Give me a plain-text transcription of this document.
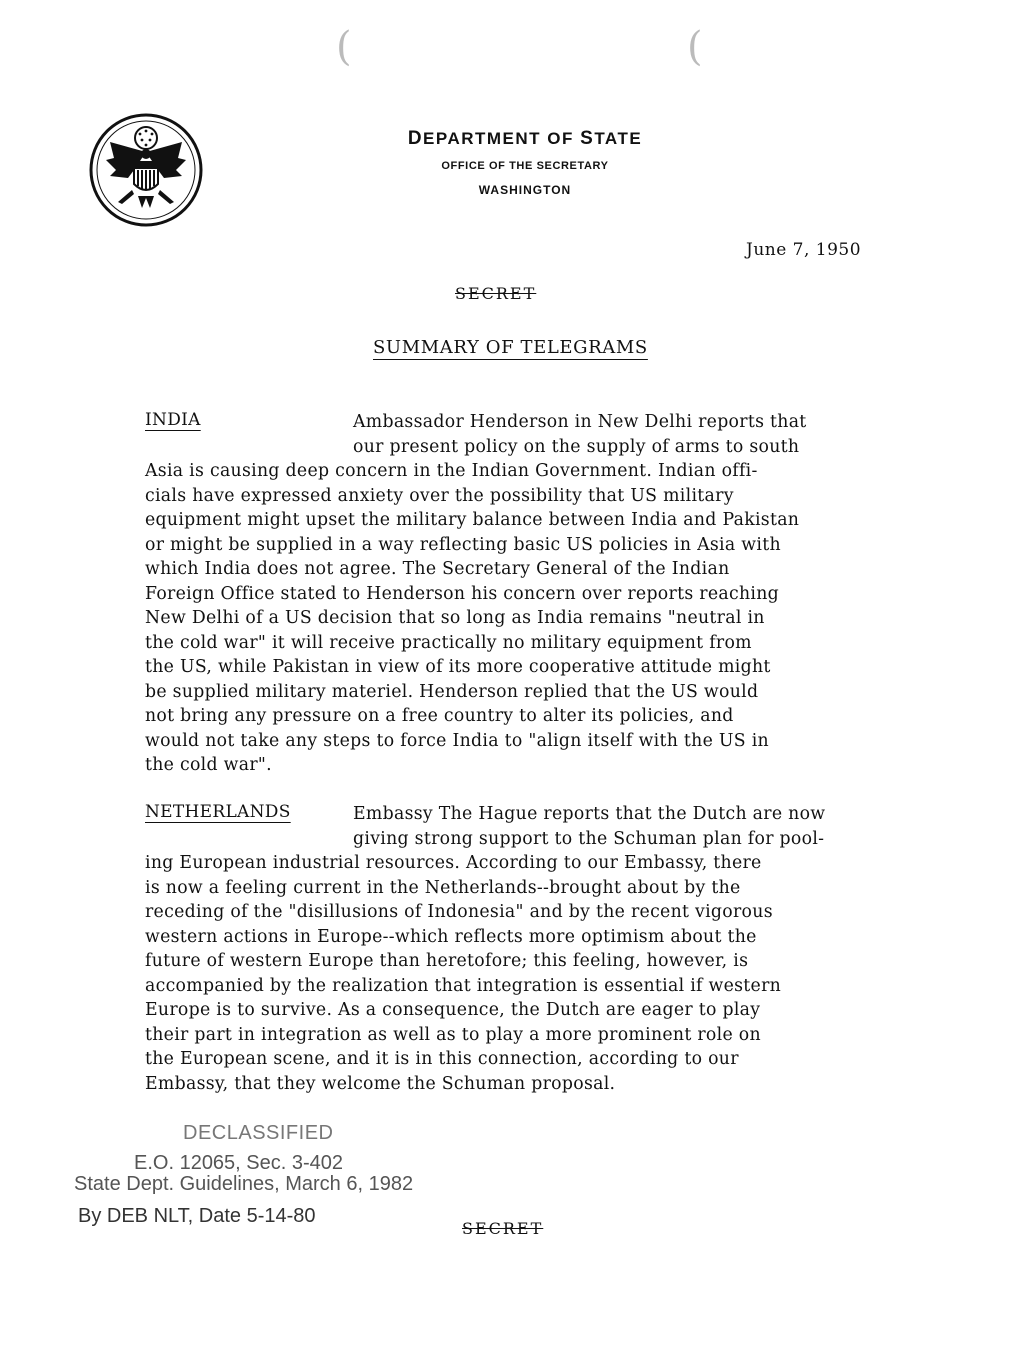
(	(
DEPARTMENT OF STATE
OFFICE OF THE SECRETARY
WASHINGTON
June 7, 1950
SECRET
SUMMARY OF TELEGRAMS
INDIA	Ambassador Henderson in New Delhi reports that
our present policy on the supply of arms to south
Asia is causing deep concern in the Indian Government. Indian offi-
cials have expressed anxiety over the possibility that US military
equipment might upset the military balance between India and Pakistan
or might be supplied in a way reflecting basic US policies in Asia with
which India does not agree. The Secretary General of the Indian
Foreign Office stated to Henderson his concern over reports reaching
New Delhi of a US decision that so long as India remains "neutral in
the cold war" it will receive practically no military equipment from
the US, while Pakistan in view of its more cooperative attitude might
be supplied military materiel. Henderson replied that the US would
not bring any pressure on a free country to alter its policies, and
would not take any steps to force India to "align itself with the US in
the cold war".
NETHERLANDS	Embassy The Hague reports that the Dutch are now
giving strong support to the Schuman plan for pool-
ing European industrial resources. According to our Embassy, there
is now a feeling current in the Netherlands--brought about by the
receding of the "disillusions of Indonesia" and by the recent vigorous
western actions in Europe--which reflects more optimism about the
future of western Europe than heretofore; this feeling, however, is
accompanied by the realization that integration is essential if western
Europe is to survive. As a consequence, the Dutch are eager to play
their part in integration as well as to play a more prominent role on
the European scene, and it is in this connection, according to our
Embassy, that they welcome the Schuman proposal.
DECLASSIFIED
E.O. 12065, Sec. 3-402
State Dept. Guidelines, March 6, 1982
By DEB NLT, Date 5-14-80
SECRET
